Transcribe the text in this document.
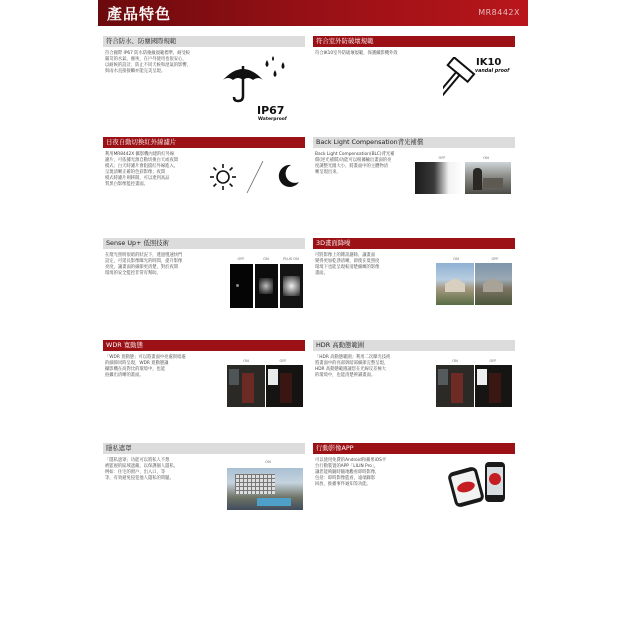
產品特色	MR8442X
符合防水、防塵國際規範
符合國際 IP67 防水防塵級規範標準，耐受較
嚴苛的水氣、塵埃，在戶外使用也很安心，
以耐候的設計，防止不同天候和溼氣的影響，
與雨水直接接觸亦能完美呈現。
IP67
Waterproof
符合室外防破壞規範
符合IK10室外防破壞規範，保護攝影機外殼
IK10
vandal proof
日夜自動切換紅外線濾片
利用MR8442X 攝影機內建的紅外線
濾片，可依據光源自動切換白天或夜間
模式；白天時濾片會阻擋紅外線進入，
呈現清晰正確的色彩影像；夜間
模式時濾片則移開，可以達到高品
質黑白影像監控畫面。
Back Light Compensation背光補償
Back Light Compensation(BLC)背光補
償(逆光補償)功能可以根據輸出畫面的亮
度調整光圈大小，將畫面中的主體物清
晰呈現出來。
OFF	ON
Sense Up+ 低照技術
在燈光照明很暗的狀況下，透過慢速快門
設定，可延長影像曝光的時間，提升影像
亮度，讓畫面的細節更清楚，對於夜間
環境的安全監控非常有幫助。
OFF	ON	PLUS ON
3D畫面降噪
可將影像上的雜訊濾除，讓畫面
變得更加乾淨清晰，即使在低照度
環境下也能呈現較清楚細緻的影像
畫面。
ON	OFF
WDR 寬動態
「WDR 寬動態」可以將畫面中亮處與暗處
的細節同時呈現，WDR 寬動態讓
攝影機在高對比的環境中，也能
拍攝出清晰的畫面。
ON	OFF
HDR 高動態範圍
「HDR 高動態範圍」利用二次曝光技術
將畫面中的亮部與暗部細節完整呈現，
HDR 高動態範圍讓您在光線反差極大
的環境中，也能清楚辨識畫面。
ON	OFF
隱私遮罩
「隱私遮罩」功能可以將私人不想
被監視的區域遮蔽，以保護個人隱私，
例如：住宅的窗戶、出入口、等
等，有效避免侵犯他人隱私的問題。
ON
行動影像APP
可以使用免費的Android和蘋果iOS平
台行動裝置的APP「LILIN Pro」，
讓您能夠隨時隨地觀看即時影像，
包括：即時影像監看、遠端錄影
回放、推播事件通知等功能。
